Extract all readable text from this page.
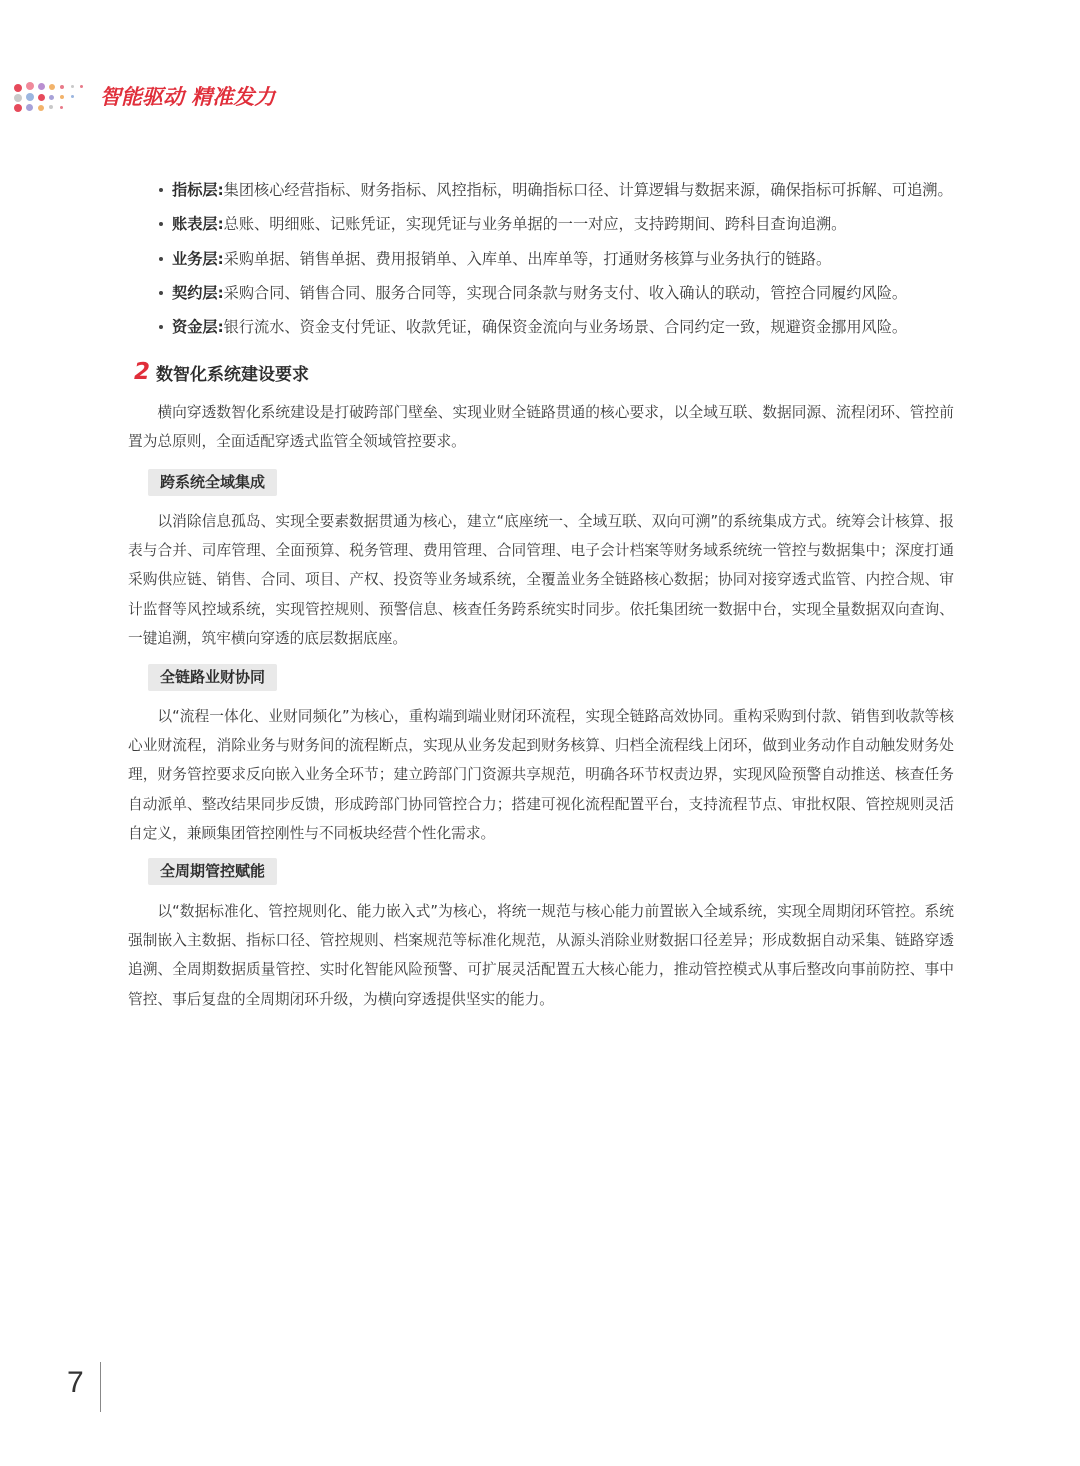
智能驱动 精准发力
指标层:集团核心经营指标、财务指标、风控指标，明确指标口径、计算逻辑与数据来源，确保指标可拆解、可追溯。
账表层:总账、明细账、记账凭证，实现凭证与业务单据的一一对应，支持跨期间、跨科目查询追溯。
业务层:采购单据、销售单据、费用报销单、入库单、出库单等，打通财务核算与业务执行的链路。
契约层:采购合同、销售合同、服务合同等，实现合同条款与财务支付、收入确认的联动，管控合同履约风险。
资金层:银行流水、资金支付凭证、收款凭证，确保资金流向与业务场景、合同约定一致，规避资金挪用风险。
2 数智化系统建设要求
横向穿透数智化系统建设是打破跨部门壁垒、实现业财全链路贯通的核心要求，以全域互联、数据同源、流程闭环、管控前置为总原则，全面适配穿透式监管全领域管控要求。
跨系统全域集成
以消除信息孤岛、实现全要素数据贯通为核心，建立“底座统一、全域互联、双向可溯”的系统集成方式。统筹会计核算、报表与合并、司库管理、全面预算、税务管理、费用管理、合同管理、电子会计档案等财务域系统统一管控与数据集中；深度打通采购供应链、销售、合同、项目、产权、投资等业务域系统，全覆盖业务全链路核心数据；协同对接穿透式监管、内控合规、审计监督等风控域系统，实现管控规则、预警信息、核查任务跨系统实时同步。依托集团统一数据中台，实现全量数据双向查询、一键追溯，筑牢横向穿透的底层数据底座。
全链路业财协同
以“流程一体化、业财同频化”为核心，重构端到端业财闭环流程，实现全链路高效协同。重构采购到付款、销售到收款等核心业财流程，消除业务与财务间的流程断点，实现从业务发起到财务核算、归档全流程线上闭环，做到业务动作自动触发财务处理，财务管控要求反向嵌入业务全环节；建立跨部门门资源共享规范，明确各环节权责边界，实现风险预警自动推送、核查任务自动派单、整改结果同步反馈，形成跨部门协同管控合力；搭建可视化流程配置平台，支持流程节点、审批权限、管控规则灵活自定义，兼顾集团管控刚性与不同板块经营个性化需求。
全周期管控赋能
以“数据标准化、管控规则化、能力嵌入式”为核心，将统一规范与核心能力前置嵌入全域系统，实现全周期闭环管控。系统强制嵌入主数据、指标口径、管控规则、档案规范等标准化规范，从源头消除业财数据口径差异；形成数据自动采集、链路穿透追溯、全周期数据质量管控、实时化智能风险预警、可扩展灵活配置五大核心能力，推动管控模式从事后整改向事前防控、事中管控、事后复盘的全周期闭环升级，为横向穿透提供坚实的能力。
7
